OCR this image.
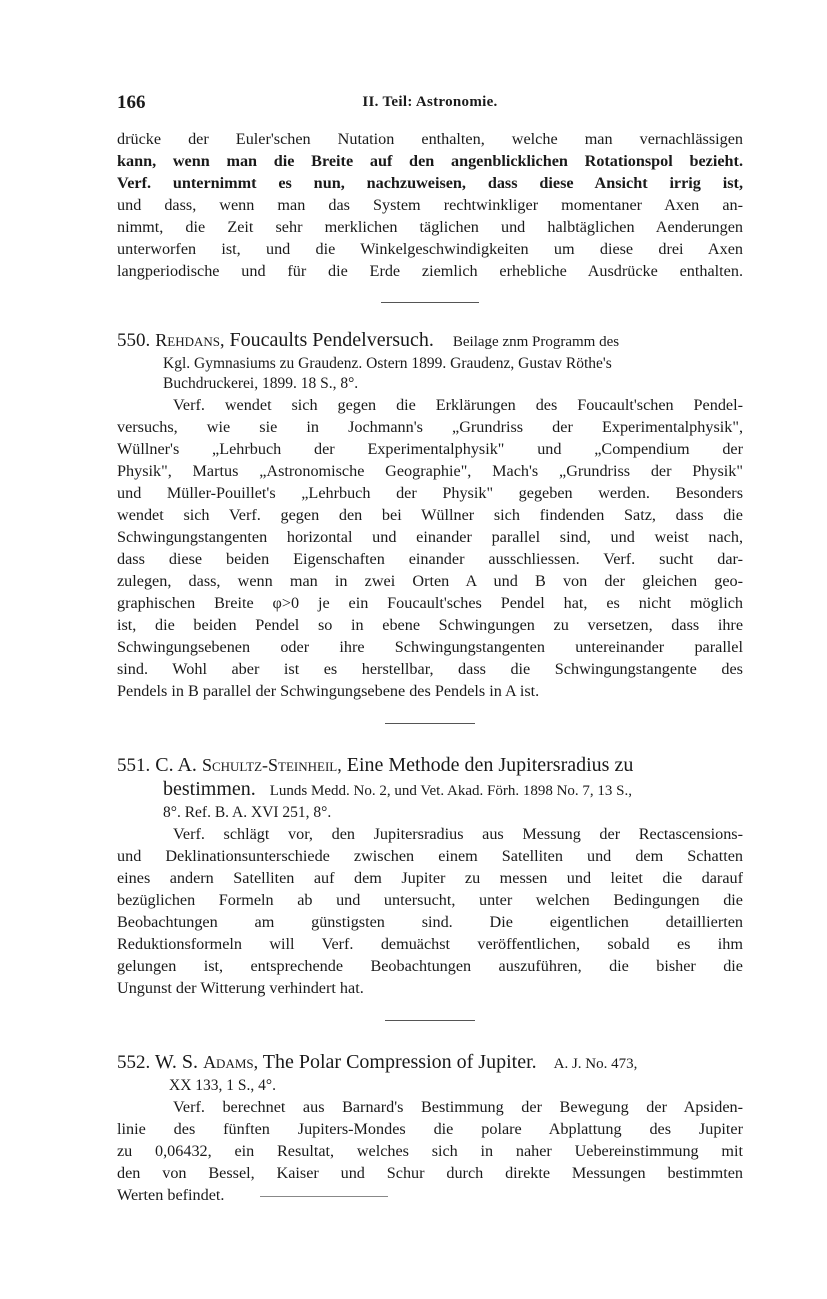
166	II. Teil: Astronomie.

drücke der Euler'schen Nutation enthalten, welche man vernachlässigen
kann, wenn man die Breite auf den angenblicklichen Rotationspol bezieht.
Verf. unternimmt es nun, nachzuweisen, dass diese Ansicht irrig ist,
und dass, wenn man das System rechtwinkliger momentaner Axen an-
nimmt, die Zeit sehr merklichen täglichen und halbtäglichen Aenderungen
unterworfen ist, und die Winkelgeschwindigkeiten um diese drei Axen
langperiodische und für die Erde ziemlich erhebliche Ausdrücke enthalten.

550. Rehdans, Foucaults Pendelversuch. Beilage znm Programm des

Kgl. Gymnasiums zu Graudenz. Ostern 1899. Graudenz, Gustav Röthe's
Buchdruckerei, 1899. 18 S., 8°.

Verf. wendet sich gegen die Erklärungen des Foucault'schen Pendel-
versuchs, wie sie in Jochmann's „Grundriss der Experimentalphysik",
Wüllner's „Lehrbuch der Experimentalphysik" und „Compendium der
Physik", Martus „Astronomische Geographie", Mach's „Grundriss der Physik"
und Müller-Pouillet's „Lehrbuch der Physik" gegeben werden. Besonders
wendet sich Verf. gegen den bei Wüllner sich findenden Satz, dass die
Schwingungstangenten horizontal und einander parallel sind, und weist nach,
dass diese beiden Eigenschaften einander ausschliessen. Verf. sucht dar-
zulegen, dass, wenn man in zwei Orten A und B von der gleichen geo-
graphischen Breite φ>0 je ein Foucault'sches Pendel hat, es nicht möglich
ist, die beiden Pendel so in ebene Schwingungen zu versetzen, dass ihre
Schwingungsebenen oder ihre Schwingungstangenten untereinander parallel
sind. Wohl aber ist es herstellbar, dass die Schwingungstangente des
Pendels in B parallel der Schwingungsebene des Pendels in A ist.

551. C. A. Schultz-Steinheil, Eine Methode den Jupitersradius zu

bestimmen. Lunds Medd. No. 2, und Vet. Akad. Förh. 1898 No. 7, 13 S.,
8°. Ref. B. A. XVI 251, 8°.

Verf. schlägt vor, den Jupitersradius aus Messung der Rectascensions-
und Deklinationsunterschiede zwischen einem Satelliten und dem Schatten
eines andern Satelliten auf dem Jupiter zu messen und leitet die darauf
bezüglichen Formeln ab und untersucht, unter welchen Bedingungen die
Beobachtungen am günstigsten sind. Die eigentlichen detaillierten
Reduktionsformeln will Verf. demuächst veröffentlichen, sobald es ihm
gelungen ist, entsprechende Beobachtungen auszuführen, die bisher die
Ungunst der Witterung verhindert hat.

552. W. S. Adams, The Polar Compression of Jupiter. A. J. No. 473,

XX 133, 1 S., 4°.

Verf. berechnet aus Barnard's Bestimmung der Bewegung der Apsiden-
linie des fünften Jupiters-Mondes die polare Abplattung des Jupiter
zu 0,06432, ein Resultat, welches sich in naher Uebereinstimmung mit
den von Bessel, Kaiser und Schur durch direkte Messungen bestimmten
Werten befindet.
